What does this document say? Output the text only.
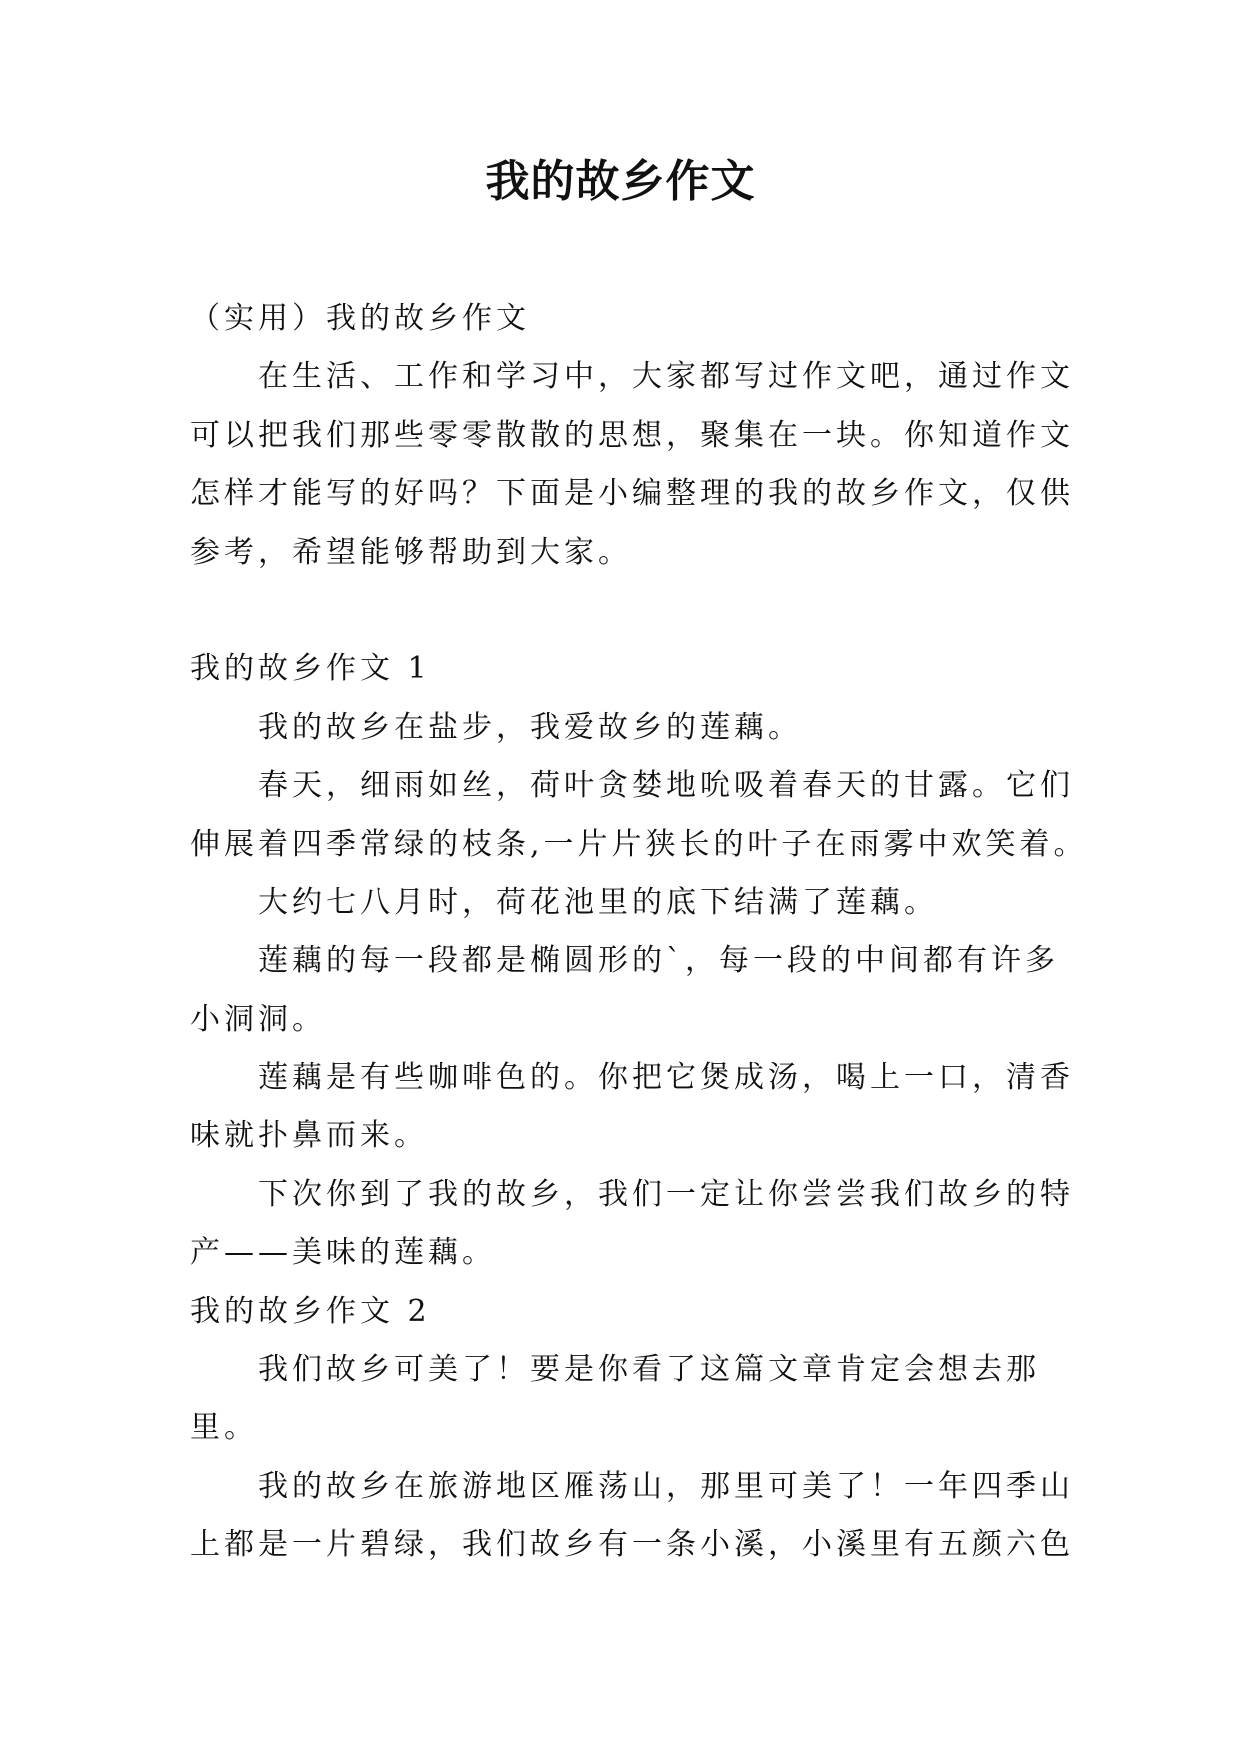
我的故乡作文
（实用）我的故乡作文
在生活、工作和学习中，大家都写过作文吧，通过作文
可以把我们那些零零散散的思想，聚集在一块。你知道作文
怎样才能写的好吗？下面是小编整理的我的故乡作文，仅供
参考，希望能够帮助到大家。
我的故乡作文 1
我的故乡在盐步，我爱故乡的莲藕。
春天，细雨如丝，荷叶贪婪地吮吸着春天的甘露。它们
伸展着四季常绿的枝条,一片片狭长的叶子在雨雾中欢笑着。
大约七八月时，荷花池里的底下结满了莲藕。
莲藕的每一段都是椭圆形的`，每一段的中间都有许多
小洞洞。
莲藕是有些咖啡色的。你把它煲成汤，喝上一口，清香
味就扑鼻而来。
下次你到了我的故乡，我们一定让你尝尝我们故乡的特
产——美味的莲藕。
我的故乡作文 2
我们故乡可美了！要是你看了这篇文章肯定会想去那
里。
我的故乡在旅游地区雁荡山，那里可美了！一年四季山
上都是一片碧绿，我们故乡有一条小溪，小溪里有五颜六色
